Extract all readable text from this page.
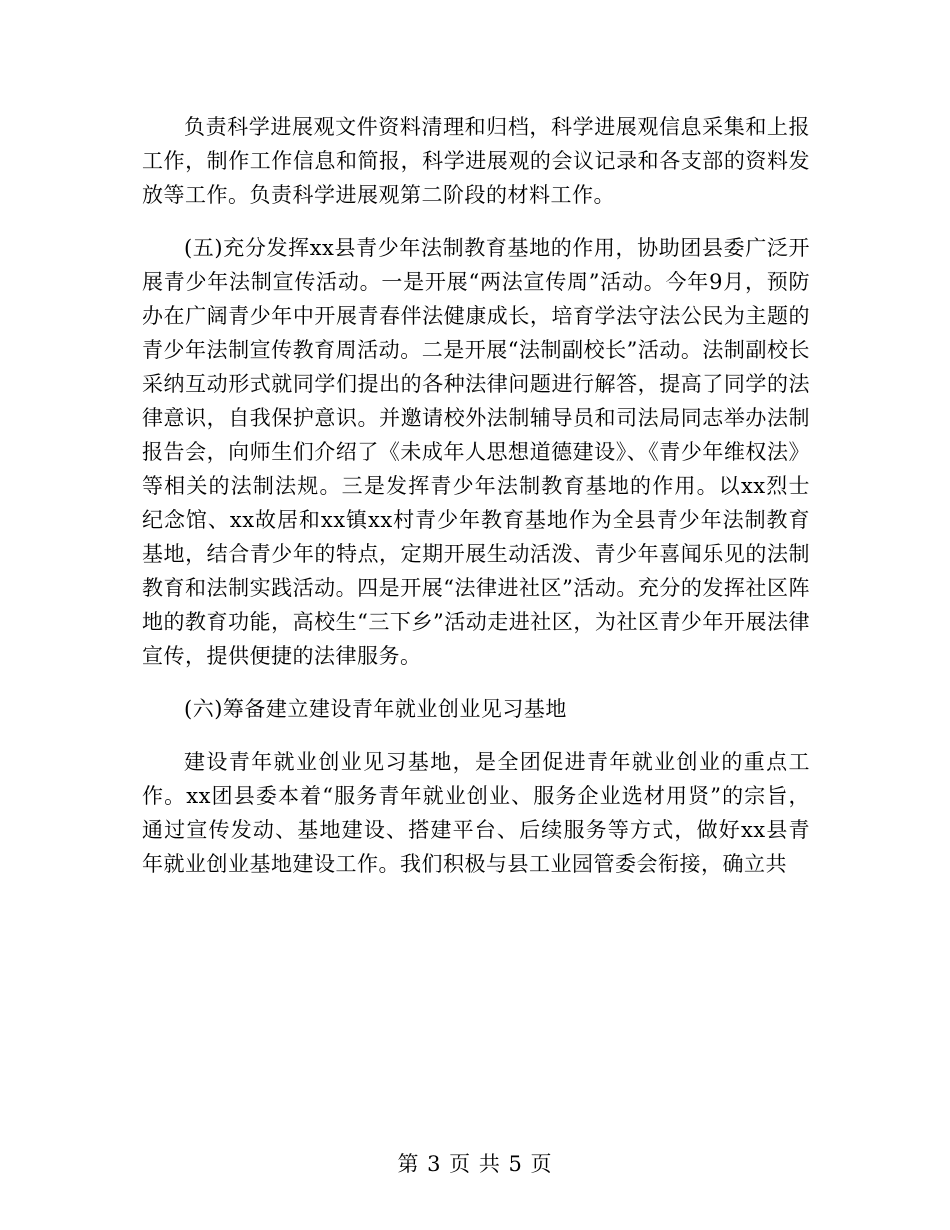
负责科学进展观文件资料清理和归档，科学进展观信息采集和上报工作，制作工作信息和简报，科学进展观的会议记录和各支部的资料发放等工作。负责科学进展观第二阶段的材料工作。

(五)充分发挥xx县青少年法制教育基地的作用，协助团县委广泛开展青少年法制宣传活动。一是开展“两法宣传周”活动。今年9月，预防办在广阔青少年中开展青春伴法健康成长，培育学法守法公民为主题的青少年法制宣传教育周活动。二是开展“法制副校长”活动。法制副校长采纳互动形式就同学们提出的各种法律问题进行解答，提高了同学的法律意识，自我保护意识。并邀请校外法制辅导员和司法局同志举办法制报告会，向师生们介绍了《未成年人思想道德建设》、《青少年维权法》等相关的法制法规。三是发挥青少年法制教育基地的作用。以xx烈士纪念馆、xx故居和xx镇xx村青少年教育基地作为全县青少年法制教育基地，结合青少年的特点，定期开展生动活泼、青少年喜闻乐见的法制教育和法制实践活动。四是开展“法律进社区”活动。充分的发挥社区阵地的教育功能，高校生“三下乡”活动走进社区，为社区青少年开展法律宣传，提供便捷的法律服务。

(六)筹备建立建设青年就业创业见习基地

建设青年就业创业见习基地，是全团促进青年就业创业的重点工作。xx团县委本着“服务青年就业创业、服务企业选材用贤”的宗旨，通过宣传发动、基地建设、搭建平台、后续服务等方式，做好xx县青年就业创业基地建设工作。我们积极与县工业园管委会衔接，确立共

第 3 页 共 5 页
